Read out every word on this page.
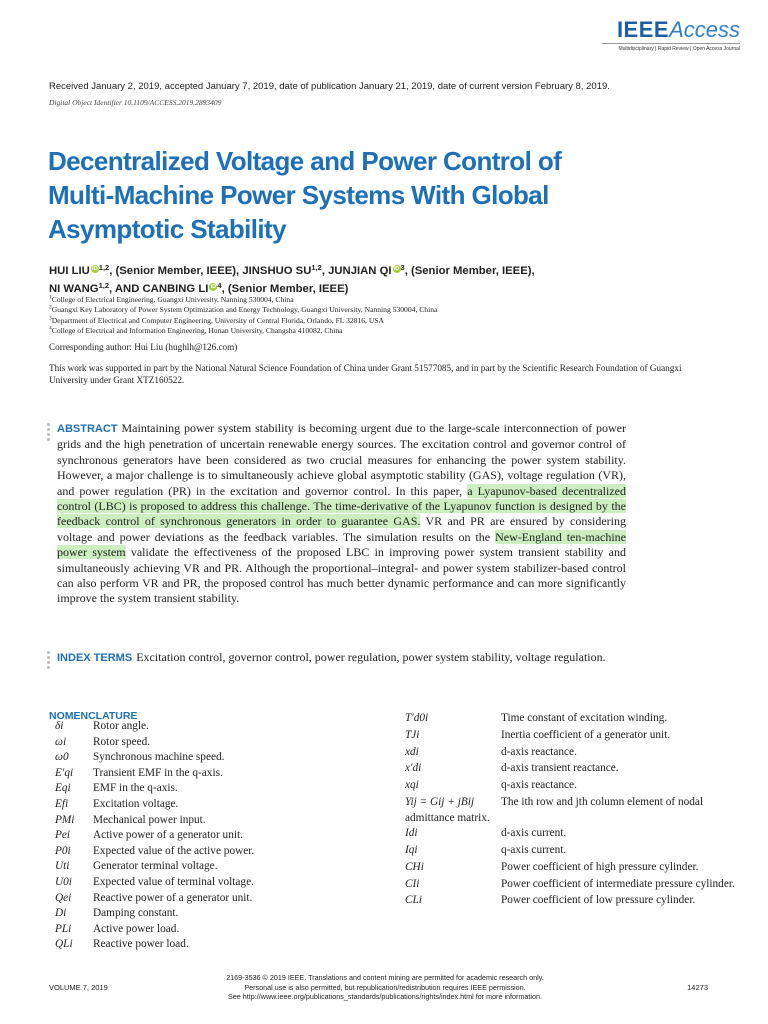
IEEEAccess
Multidisciplinary | Rapid Review | Open Access Journal
Received January 2, 2019, accepted January 7, 2019, date of publication January 21, 2019, date of current version February 8, 2019.
Digital Object Identifier 10.1109/ACCESS.2019.2893409
Decentralized Voltage and Power Control of
Multi-Machine Power Systems With Global
Asymptotic Stability
HUI LIU iD$^{1,2}$, (Senior Member, IEEE), JINSHUO SU$^{1,2}$, JUNJIAN QI $iD^3$, (Senior Member, IEEE),
NI WANG$^{1,2}$, AND CANBING LI $iD^4$, (Senior Member, IEEE)
$^1$College of Electrical Engineering, Guangxi University, Nanning 530004, China
$^2$Guangxi Key Laboratory of Power System Optimization and Energy Technology, Guangxi University, Nanning 530004, China
$^3$Department of Electrical and Computer Engineering, University of Central Florida, Orlando, FL 32816, USA
$^4$College of Electrical and Information Engineering, Hunan University, Changsha 410082, China
Corresponding author: Hui Liu (hughlh@126.com)
This work was supported in part by the National Natural Science Foundation of China under Grant 51577085, and in part by the Scientific Research Foundation of Guangxi University under Grant XTZ160522.
ABSTRACT Maintaining power system stability is becoming urgent due to the large-scale interconnection of power grids and the high penetration of uncertain renewable energy sources. The excitation control and governor control of synchronous generators have been considered as two crucial measures for enhancing the power system stability. However, a major challenge is to simultaneously achieve global asymptotic stability (GAS), voltage regulation (VR), and power regulation (PR) in the excitation and governor control. In this paper, a Lyapunov-based decentralized control (LBC) is proposed to address this challenge. The time-derivative of the Lyapunov function is designed by the feedback control of synchronous generators in order to guarantee GAS. VR and PR are ensured by considering voltage and power deviations as the feedback variables. The simulation results on the New-England ten-machine power system validate the effectiveness of the proposed LBC in improving power system transient stability and simultaneously achieving VR and PR. Although the proportional–integral- and power system stabilizer-based control can also perform VR and PR, the proposed control has much better dynamic performance and can more significantly improve the system transient stability.
INDEX TERMS Excitation control, governor control, power regulation, power system stability, voltage regulation.
NOMENCLATURE
δi	Rotor angle.
ωi Rotor speed.
ω0 Synchronous machine speed.
E′qi Transient EMF in the q-axis.
Eqi EMF in the q-axis.
Efi Excitation voltage.
PMi Mechanical power input.
Pei Active power of a generator unit.
P0i Expected value of the active power.
Uti Generator terminal voltage.
U0i Expected value of terminal voltage.
Qei Reactive power of a generator unit.
Di Damping constant.
PLi Active power load.
QLi Reactive power load.
T′d0i	Time constant of excitation winding.
TJi	Inertia coefficient of a generator unit.
xdi	d-axis reactance.
x′di	d-axis transient reactance.
xqi	q-axis reactance.
Yij = Gij + jBij The ith row and jth column element of nodal admittance matrix.
Idi	d-axis current.
Iqi	q-axis current.
CHi	Power coefficient of high pressure cylinder.
CIi	Power coefficient of intermediate pressure cylinder.
CLi	Power coefficient of low pressure cylinder.
VOLUME 7, 2019
2169-3536 © 2019 IEEE. Translations and content mining are permitted for academic research only.
Personal use is also permitted, but republication/redistribution requires IEEE permission.
See http://www.ieee.org/publications_standards/publications/rights/index.html for more information.
14273
